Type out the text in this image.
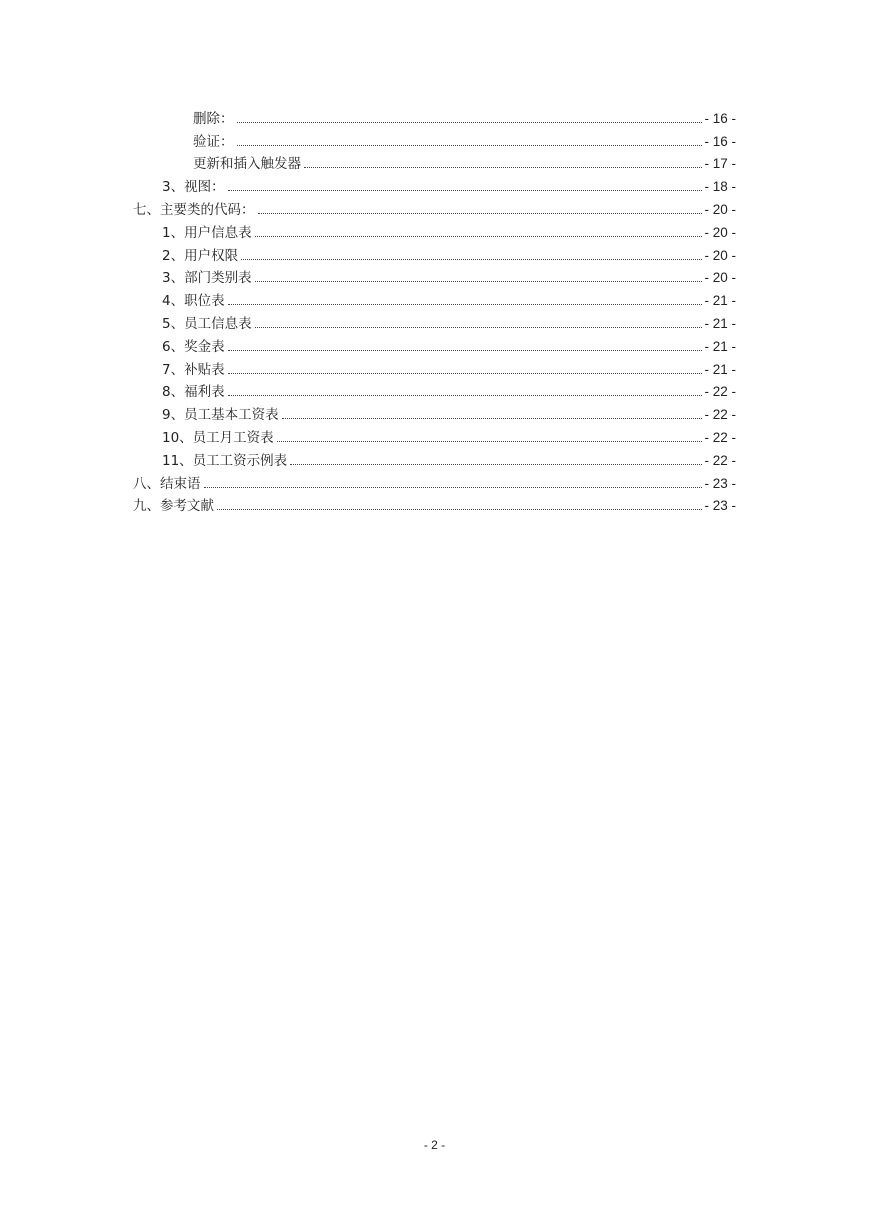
删除：	- 16 -
验证：	- 16 -
更新和插入触发器	- 17 -
3、视图：	- 18 -
七、主要类的代码：	- 20 -
1、用户信息表	- 20 -
2、用户权限	- 20 -
3、部门类别表	- 20 -
4、职位表	- 21 -
5、员工信息表	- 21 -
6、奖金表	- 21 -
7、补贴表	- 21 -
8、福利表	- 22 -
9、员工基本工资表	- 22 -
10、员工月工资表	- 22 -
11、员工工资示例表	- 22 -
八、结束语	- 23 -
九、参考文献	- 23 -
- 2 -
